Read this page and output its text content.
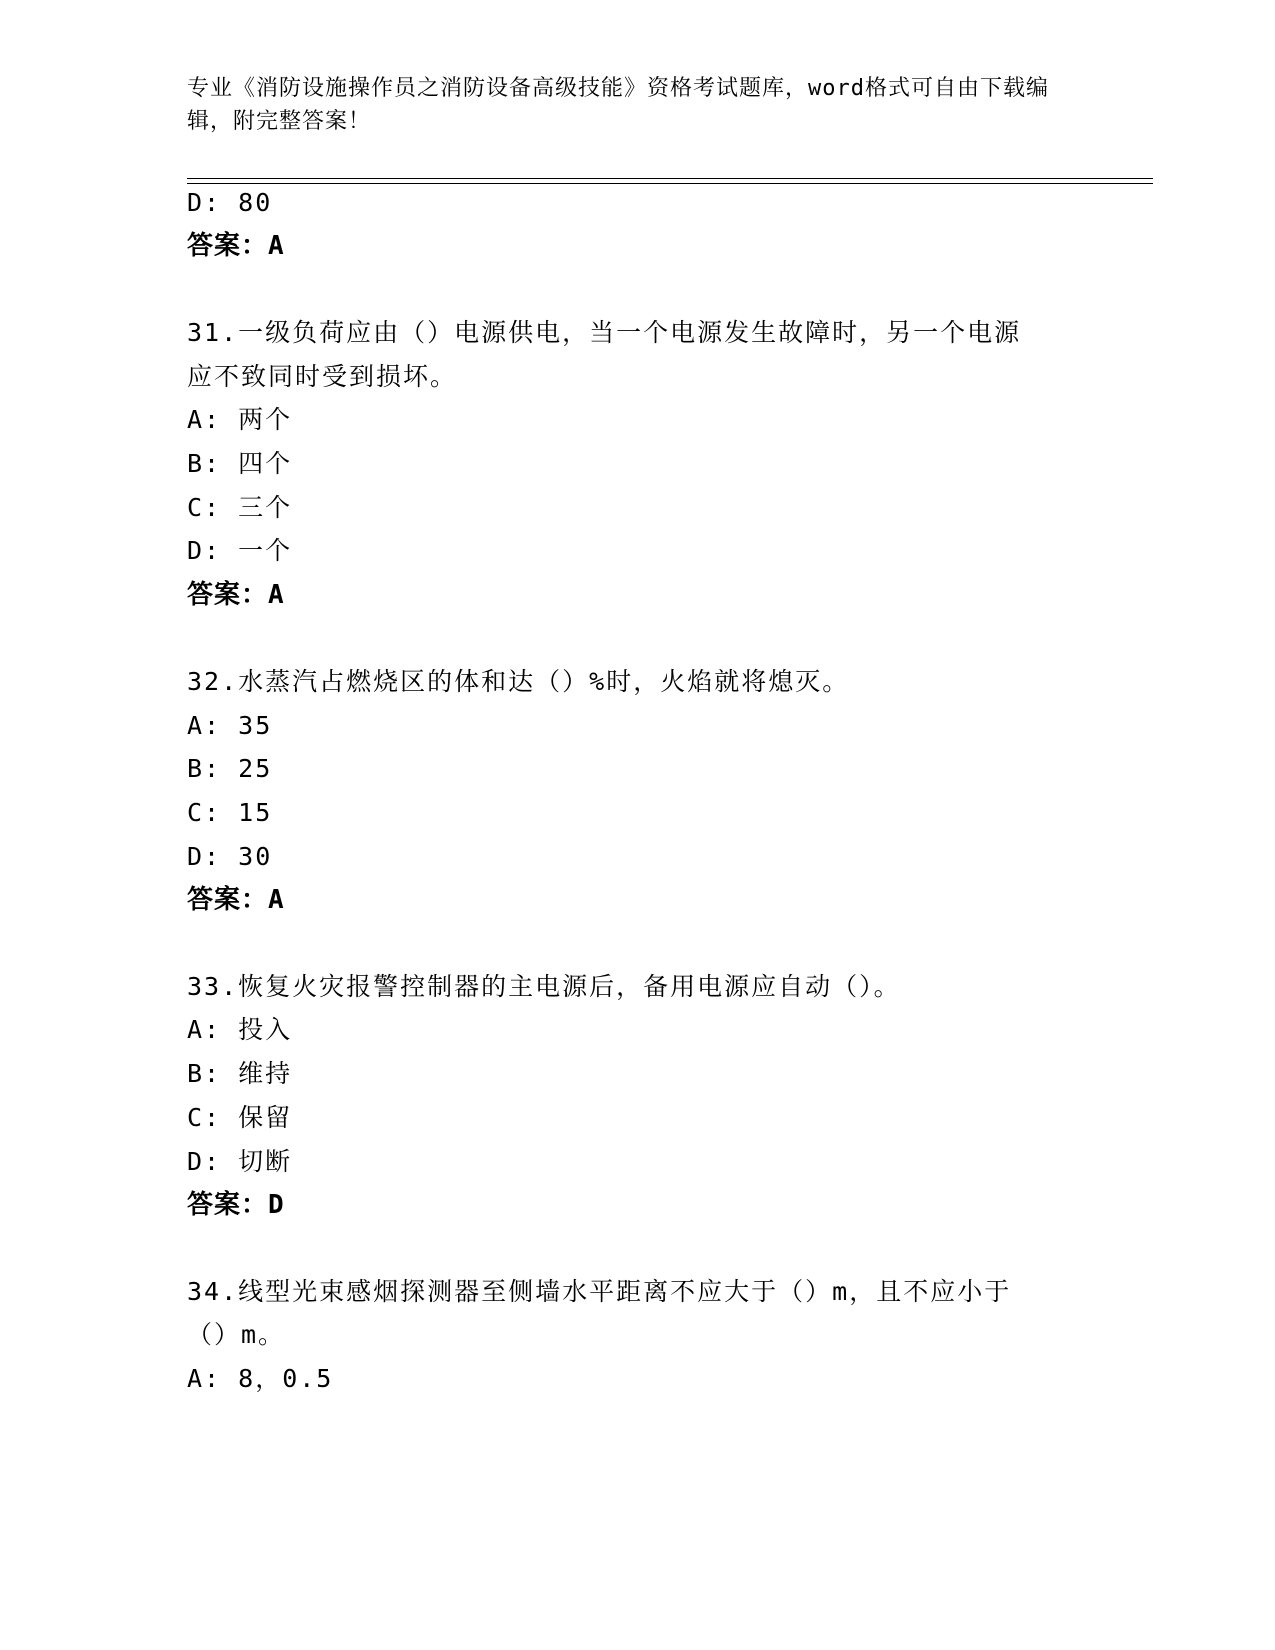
专业《消防设施操作员之消防设备高级技能》资格考试题库，word格式可自由下载编辑，附完整答案！
D: 80
答案：A
31.一级负荷应由（）电源供电，当一个电源发生故障时，另一个电源
应不致同时受到损坏。
A: 两个
B: 四个
C: 三个
D: 一个
答案：A
32.水蒸汽占燃烧区的体和达（）%时，火焰就将熄灭。
A: 35
B: 25
C: 15
D: 30
答案：A
33.恢复火灾报警控制器的主电源后，备用电源应自动（）。
A: 投入
B: 维持
C: 保留
D: 切断
答案：D
34.线型光束感烟探测器至侧墙水平距离不应大于（）m，且不应小于
（）m。
A: 8，0.5
